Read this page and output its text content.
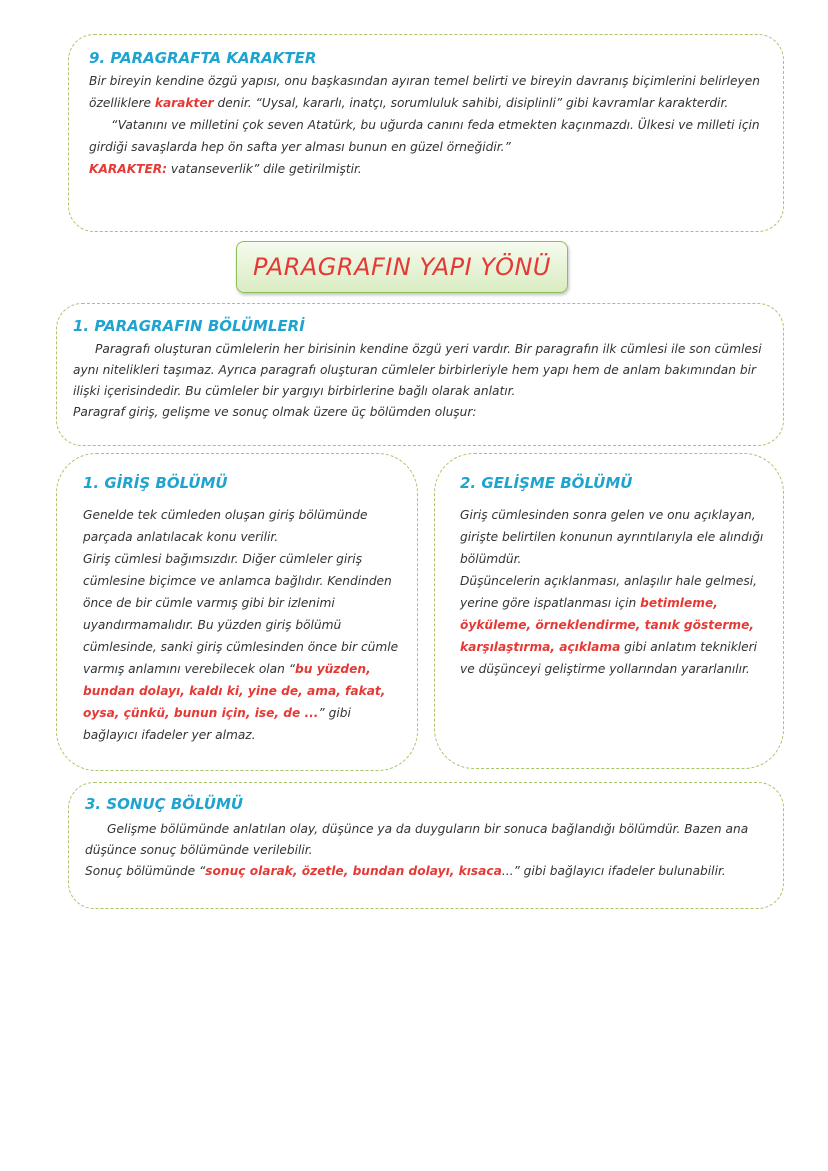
9. PARAGRAFTA KARAKTER

Bir bireyin kendine özgü yapısı, onu başkasından ayıran temel belirti ve bireyin davranış biçimlerini belirleyen özelliklere karakter denir. “Uysal, kararlı, inatçı, sorumluluk sahibi, disiplinli” gibi kavramlar karakterdir.

“Vatanını ve milletini çok seven Atatürk, bu uğurda canını feda etmekten kaçınmazdı. Ülkesi ve milleti için girdiği savaşlarda hep ön safta yer alması bunun en güzel örneğidir.”

KARAKTER: vatanseverlik” dile getirilmiştir.

PARAGRAFIN YAPI YÖNÜ
1. PARAGRAFIN BÖLÜMLERİ

Paragrafı oluşturan cümlelerin her birisinin kendine özgü yeri vardır. Bir paragrafın ilk cümlesi ile son cümlesi aynı nitelikleri taşımaz. Ayrıca paragrafı oluşturan cümleler birbirleriyle hem yapı hem de anlam bakımından bir ilişki içerisindedir. Bu cümleler bir yargıyı birbirlerine bağlı olarak anlatır.

Paragraf giriş, gelişme ve sonuç olmak üzere üç bölümden oluşur:

1. GİRİŞ BÖLÜMÜ

Genelde tek cümleden oluşan giriş bölümünde parçada anlatılacak konu verilir.

Giriş cümlesi bağımsızdır. Diğer cümleler giriş cümlesine biçimce ve anlamca bağlıdır. Kendinden önce de bir cümle varmış gibi bir izlenimi uyandırmamalıdır. Bu yüzden giriş bölümü cümlesinde, sanki giriş cümlesinden önce bir cümle varmış anlamını verebilecek olan “bu yüzden, bundan dolayı, kaldı ki, yine de, ama, fakat, oysa, çünkü, bunun için, ise, de ...” gibi bağlayıcı ifadeler yer almaz.

2. GELİŞME BÖLÜMÜ

Giriş cümlesinden sonra gelen ve onu açıklayan, girişte belirtilen konunun ayrıntılarıyla ele alındığı bölümdür.

Düşüncelerin açıklanması, anlaşılır hale gelmesi, yerine göre ispatlanması için betimleme, öyküleme, örneklendirme, tanık gösterme, karşılaştırma, açıklama gibi anlatım teknikleri ve düşünceyi geliştirme yollarından yararlanılır.

3. SONUÇ BÖLÜMÜ

Gelişme bölümünde anlatılan olay, düşünce ya da duyguların bir sonuca bağlandığı bölümdür. Bazen ana düşünce sonuç bölümünde verilebilir.

Sonuç bölümünde “sonuç olarak, özetle, bundan dolayı, kısaca...” gibi bağlayıcı ifadeler bulunabilir.
